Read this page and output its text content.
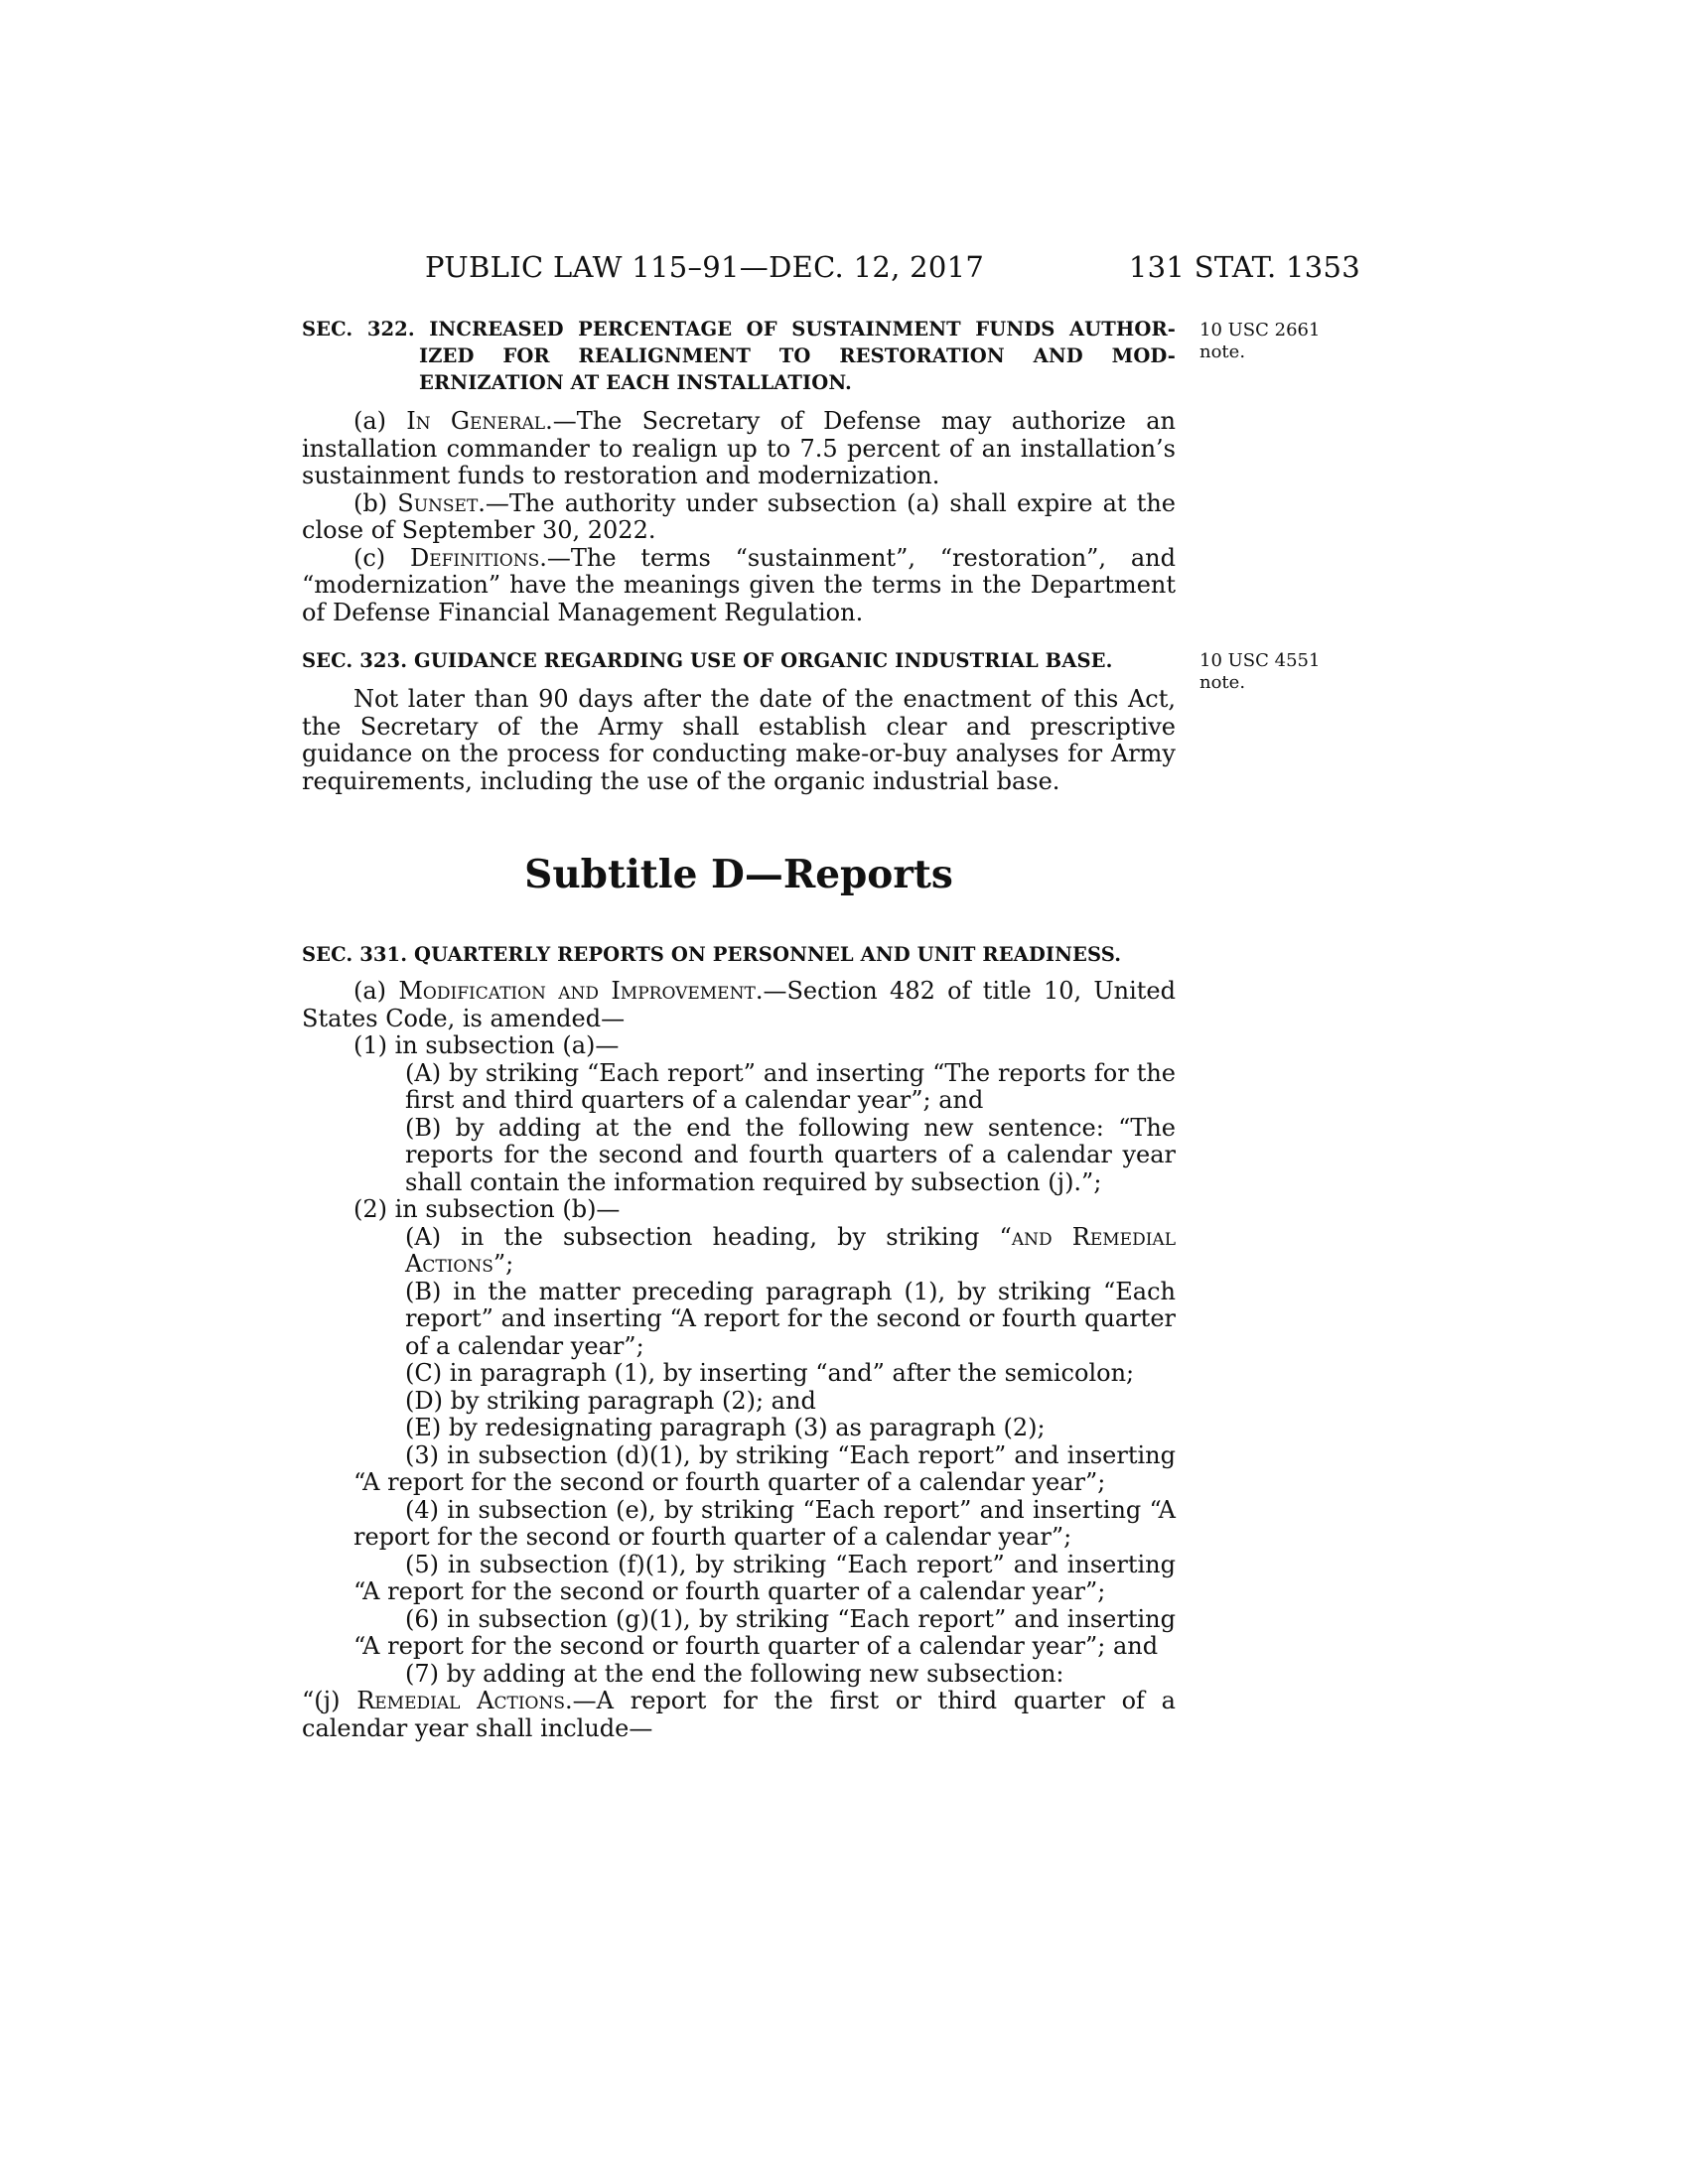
PUBLIC LAW 115–91—DEC. 12, 2017	131 STAT. 1353
SEC. 322. INCREASED PERCENTAGE OF SUSTAINMENT FUNDS AUTHOR-
IZED FOR REALIGNMENT TO RESTORATION AND MOD-
ERNIZATION AT EACH INSTALLATION.

(a) In General.—The Secretary of Defense may authorize an installation commander to realign up to 7.5 percent of an installation’s sustainment funds to restoration and modernization.

(b) Sunset.—The authority under subsection (a) shall expire at the close of September 30, 2022.

(c) Definitions.—The terms “sustainment”, “restoration”, and “modernization” have the meanings given the terms in the Department of Defense Financial Management Regulation.

10 USC 2661
note.
SEC. 323. GUIDANCE REGARDING USE OF ORGANIC INDUSTRIAL BASE.

Not later than 90 days after the date of the enactment of this Act, the Secretary of the Army shall establish clear and prescriptive guidance on the process for conducting make-or-buy analyses for Army requirements, including the use of the organic industrial base.

10 USC 4551
note.
Subtitle D—Reports
SEC. 331. QUARTERLY REPORTS ON PERSONNEL AND UNIT READINESS.

(a) Modification and Improvement.—Section 482 of title 10, United States Code, is amended—

(1) in subsection (a)—

(A) by striking “Each report” and inserting “The reports for the first and third quarters of a calendar year”; and

(B) by adding at the end the following new sentence: “The reports for the second and fourth quarters of a calendar year shall contain the information required by subsection (j).”;

(2) in subsection (b)—

(A) in the subsection heading, by striking “and Remedial Actions”;

(B) in the matter preceding paragraph (1), by striking “Each report” and inserting “A report for the second or fourth quarter of a calendar year”;

(C) in paragraph (1), by inserting “and” after the semicolon;

(D) by striking paragraph (2); and

(E) by redesignating paragraph (3) as paragraph (2);

(3) in subsection (d)(1), by striking “Each report” and inserting “A report for the second or fourth quarter of a calendar year”;

(4) in subsection (e), by striking “Each report” and inserting “A report for the second or fourth quarter of a calendar year”;

(5) in subsection (f)(1), by striking “Each report” and inserting “A report for the second or fourth quarter of a calendar year”;

(6) in subsection (g)(1), by striking “Each report” and inserting “A report for the second or fourth quarter of a calendar year”; and

(7) by adding at the end the following new subsection:

“(j) Remedial Actions.—A report for the first or third quarter of a calendar year shall include—
